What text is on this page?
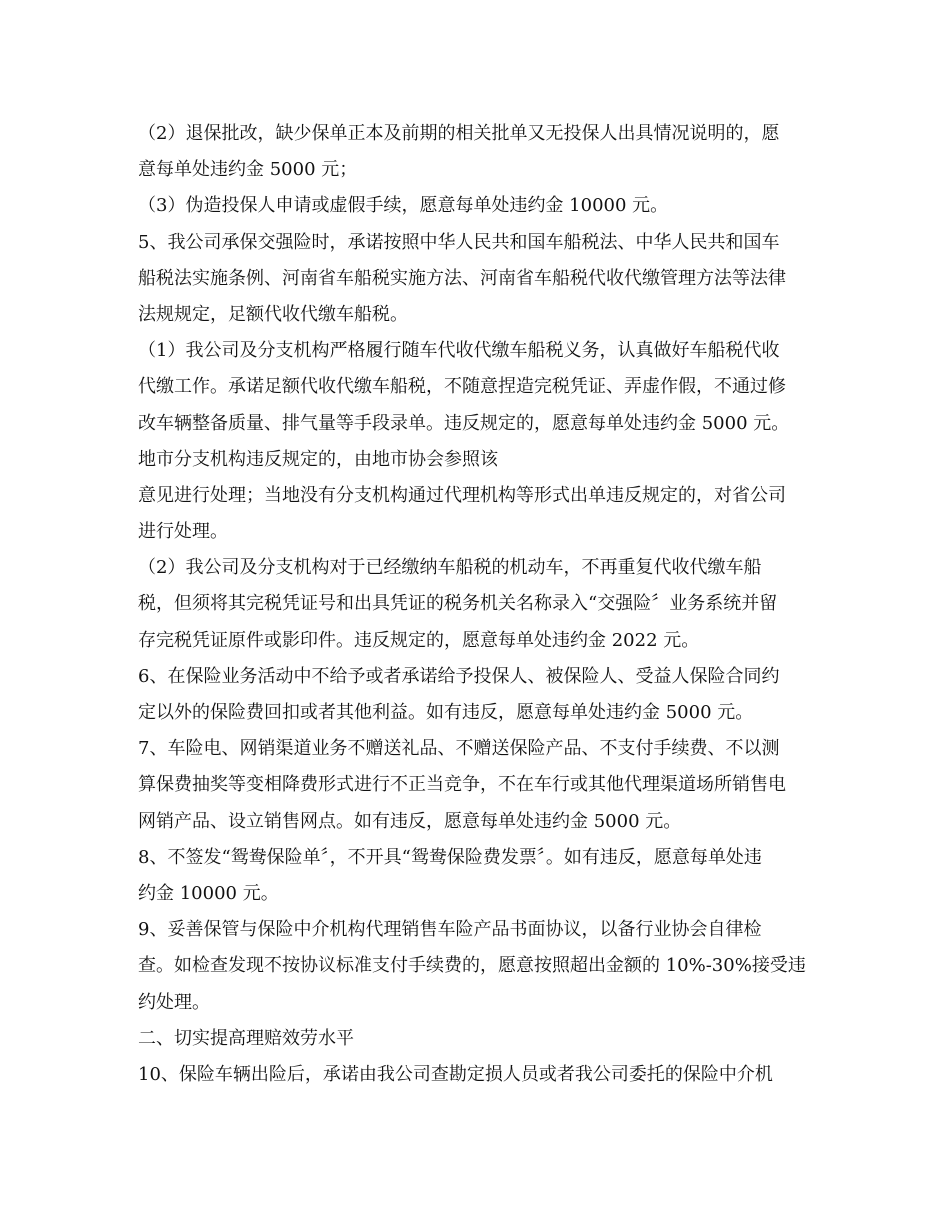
（2）退保批改，缺少保单正本及前期的相关批单又无投保人出具情况说明的，愿
意每单处违约金 5000 元；
（3）伪造投保人申请或虚假手续，愿意每单处违约金 10000 元。
5、我公司承保交强险时，承诺按照中华人民共和国车船税法、中华人民共和国车
船税法实施条例、河南省车船税实施方法、河南省车船税代收代缴管理方法等法律
法规规定，足额代收代缴车船税。
（1）我公司及分支机构严格履行随车代收代缴车船税义务，认真做好车船税代收
代缴工作。承诺足额代收代缴车船税，不随意捏造完税凭证、弄虚作假，不通过修
改车辆整备质量、排气量等手段录单。违反规定的，愿意每单处违约金 5000 元。
地市分支机构违反规定的，由地市协会参照该
意见进行处理；当地没有分支机构通过代理机构等形式出单违反规定的，对省公司
进行处理。
（2）我公司及分支机构对于已经缴纳车船税的机动车，不再重复代收代缴车船
税，但须将其完税凭证号和出具凭证的税务机关名称录入“交强险〞业务系统并留
存完税凭证原件或影印件。违反规定的，愿意每单处违约金 2022 元。
6、在保险业务活动中不给予或者承诺给予投保人、被保险人、受益人保险合同约
定以外的保险费回扣或者其他利益。如有违反，愿意每单处违约金 5000 元。
7、车险电、网销渠道业务不赠送礼品、不赠送保险产品、不支付手续费、不以测
算保费抽奖等变相降费形式进行不正当竞争，不在车行或其他代理渠道场所销售电
网销产品、设立销售网点。如有违反，愿意每单处违约金 5000 元。
8、不签发“鸳鸯保险单〞，不开具“鸳鸯保险费发票〞。如有违反，愿意每单处违
约金 10000 元。
9、妥善保管与保险中介机构代理销售车险产品书面协议，以备行业协会自律检
查。如检查发现不按协议标准支付手续费的，愿意按照超出金额的 10%-30%接受违
约处理。
二、切实提高理赔效劳水平
10、保险车辆出险后，承诺由我公司查勘定损人员或者我公司委托的保险中介机
